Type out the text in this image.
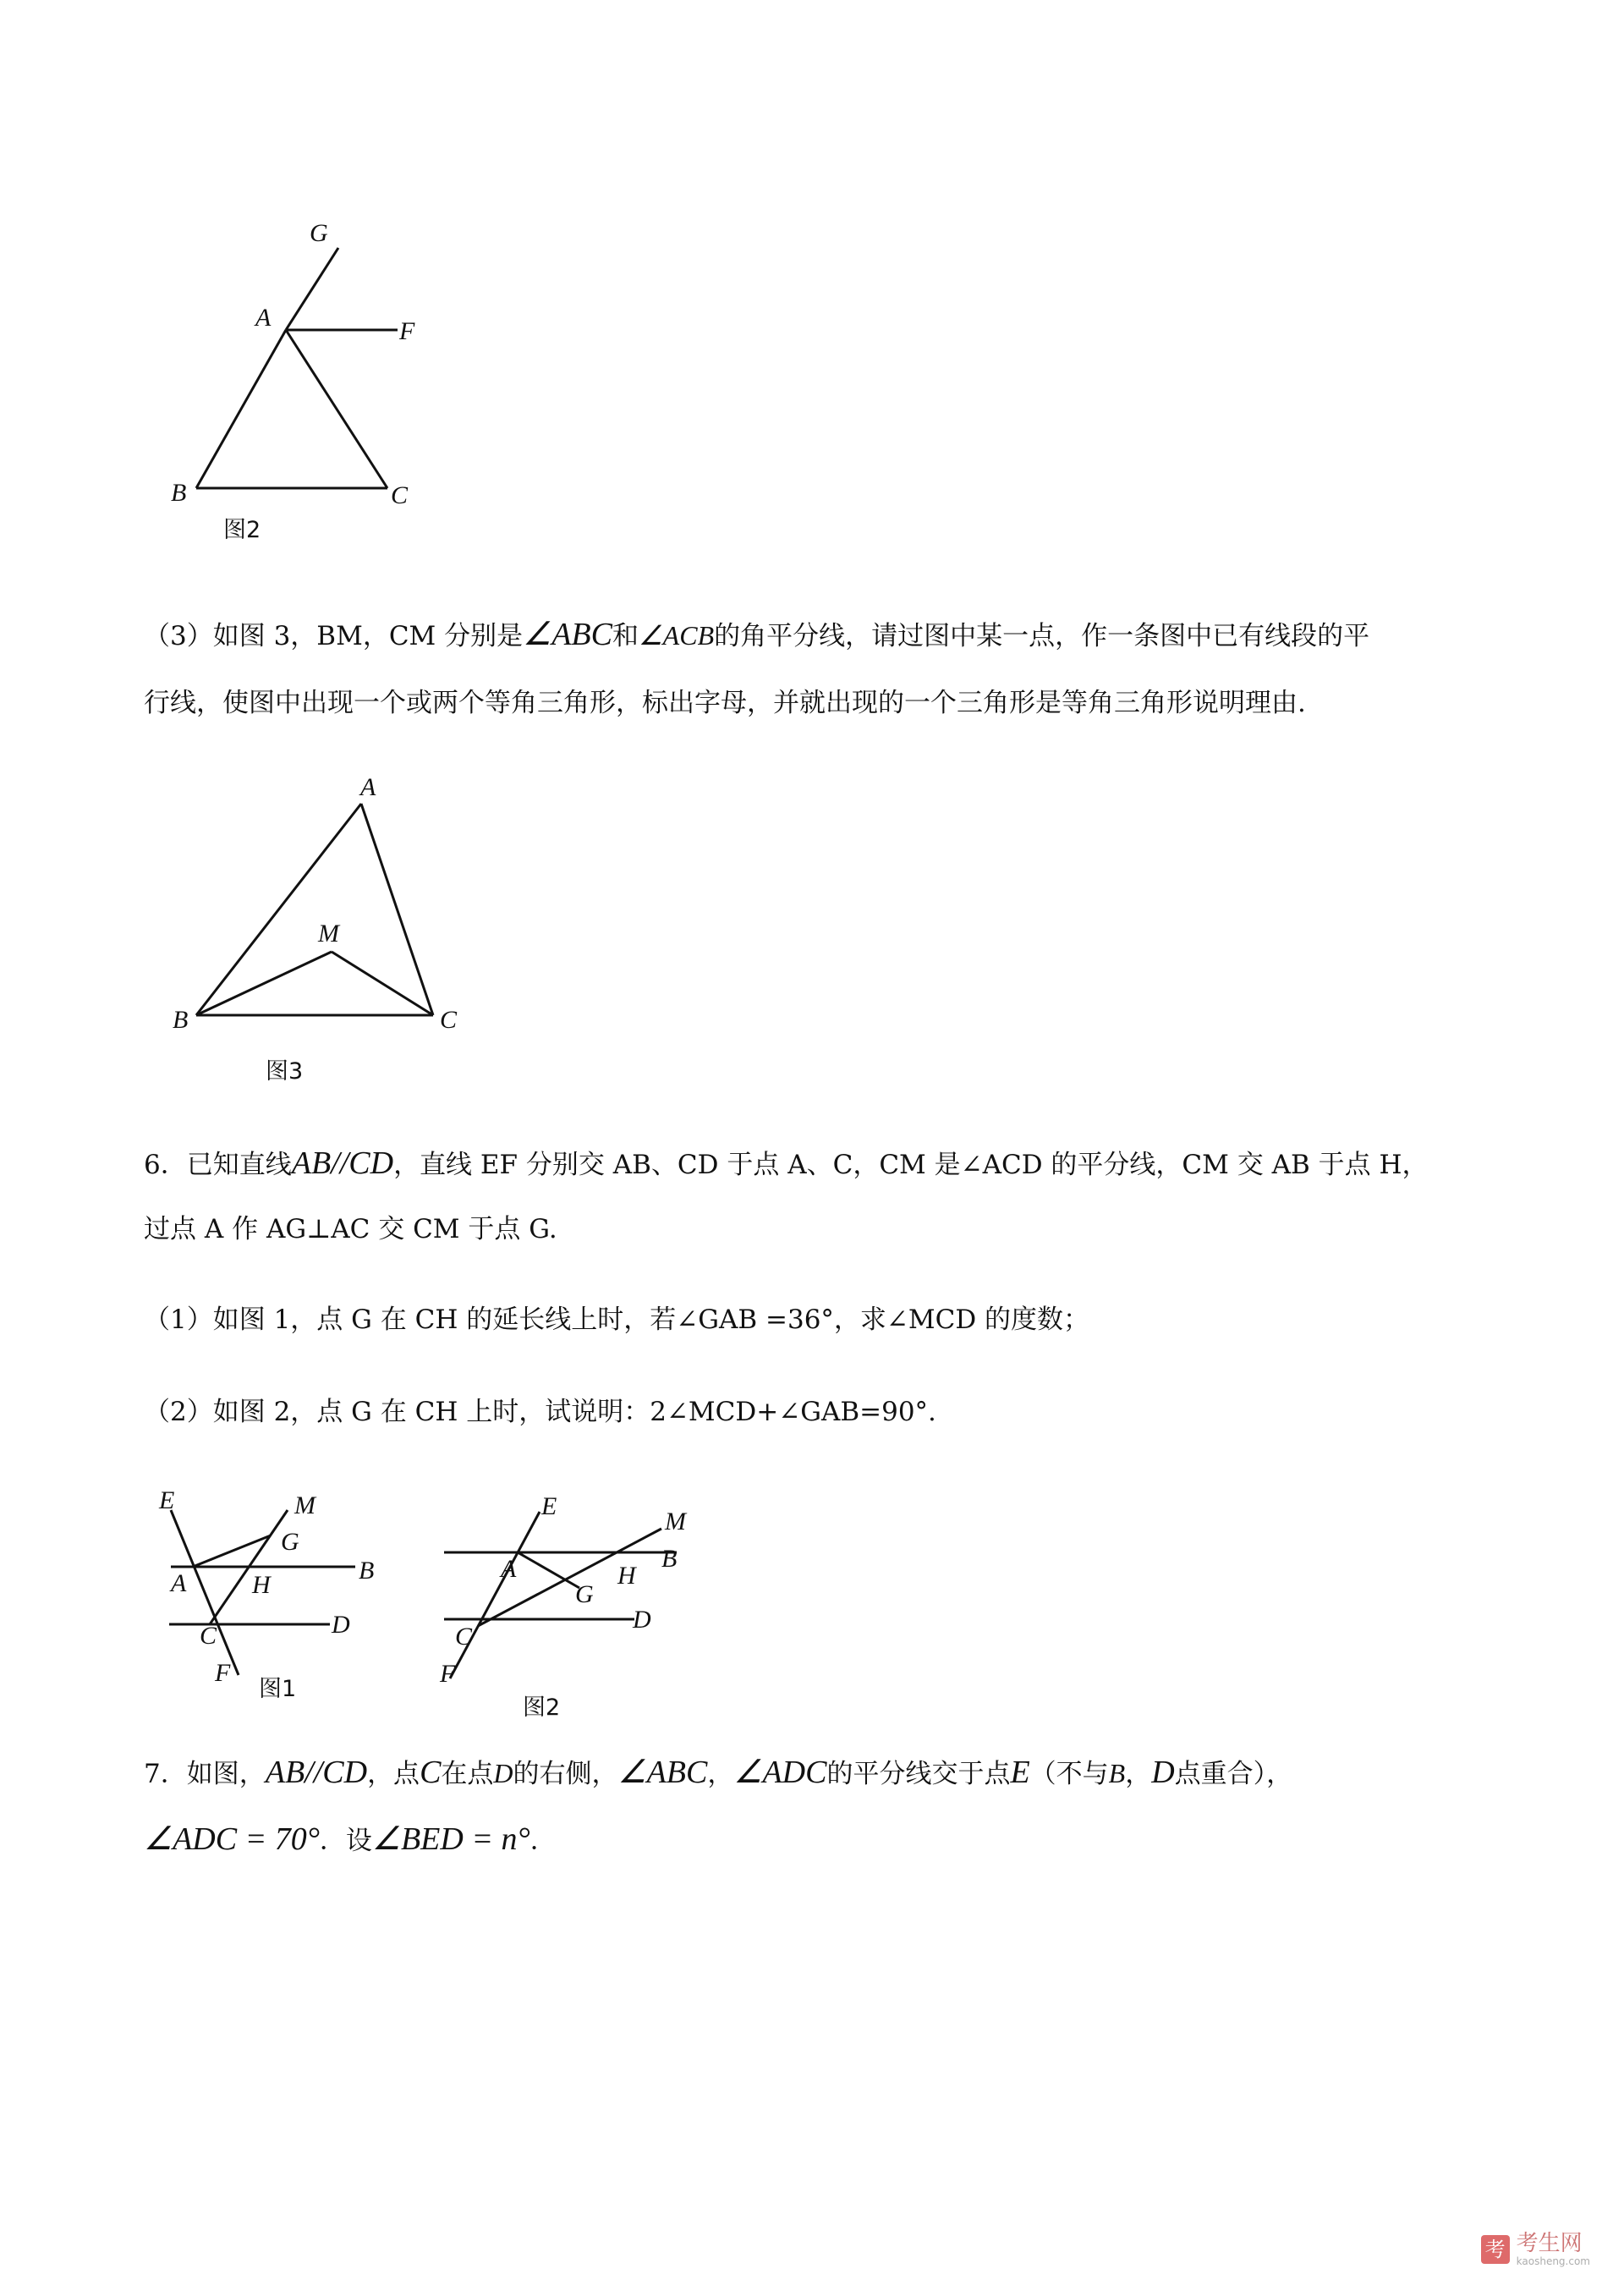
G
A	F
B	C
图2
（3）如图 3，BM，CM 分别是∠ABC和∠ACB的角平分线，请过图中某一点，作一条图中已有线段的平
行线，使图中出现一个或两个等角三角形，标出字母，并就出现的一个三角形是等角三角形说明理由.
A
M
B	C
图3
6．已知直线AB//CD，直线 EF 分别交 AB、CD 于点 A、C，CM 是∠ACD 的平分线，CM 交 AB 于点 H，
过点 A 作 AG⊥AC 交 CM 于点 G.
（1）如图 1，点 G 在 CH 的延长线上时，若∠GAB =36°，求∠MCD 的度数；
（2）如图 2，点 G 在 CH 上时，试说明：2∠MCD+∠GAB=90°.
E	M
G
A	H
B
C	D
F
图1
E
M
B
A
G
H
C
D
F
图2
7．如图，AB//CD，点C在点D的右侧，∠ABC，∠ADC的平分线交于点E（不与B，D点重合），
∠ADC = 70°．设∠BED = n°．
考 考生网
kaosheng.com
